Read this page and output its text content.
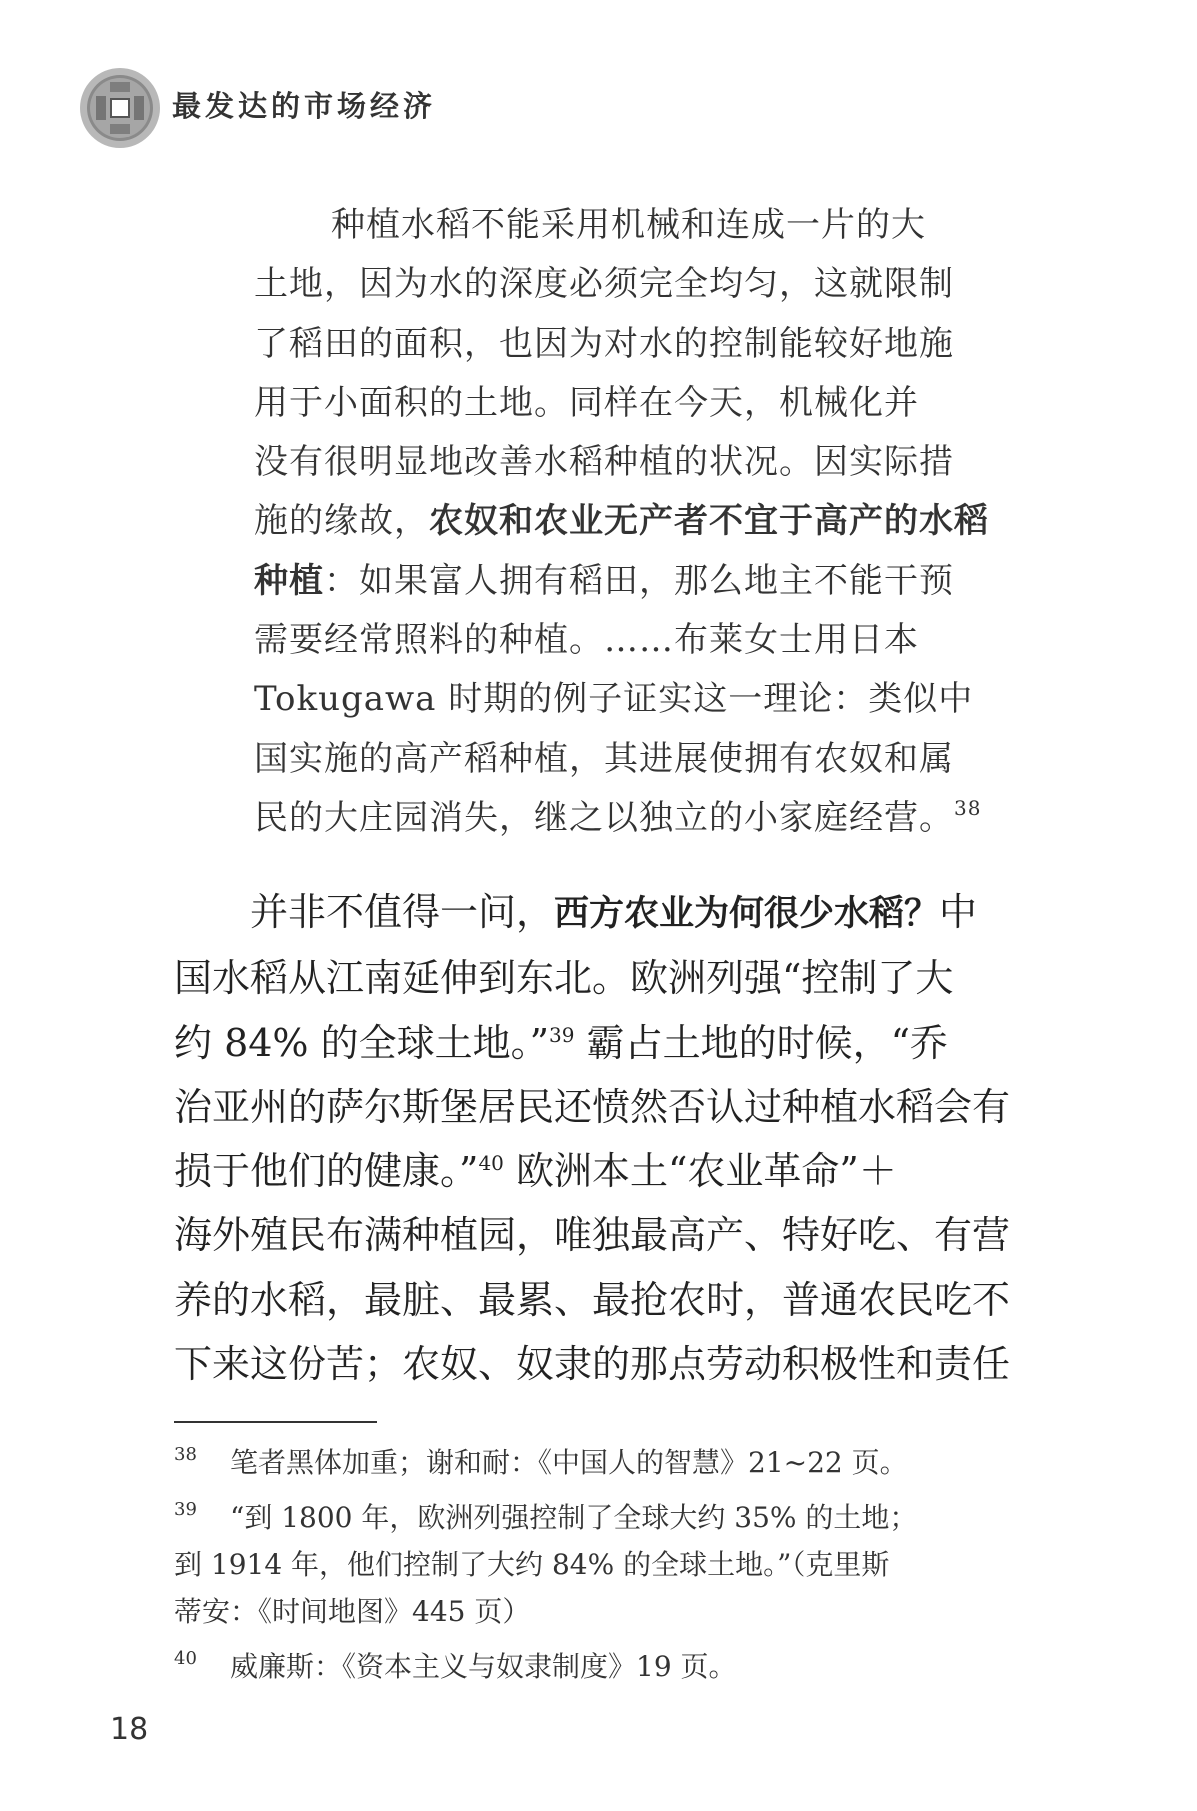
最发达的市场经济
种植水稻不能采用机械和连成一片的大
土地，因为水的深度必须完全均匀，这就限制
了稻田的面积，也因为对水的控制能较好地施
用于小面积的土地。同样在今天，机械化并
没有很明显地改善水稻种植的状况。因实际措
施的缘故，农奴和农业无产者不宜于高产的水稻
种植：如果富人拥有稻田，那么地主不能干预
需要经常照料的种植。……布莱女士用日本
Tokugawa 时期的例子证实这一理论：类似中
国实施的高产稻种植，其进展使拥有农奴和属
民的大庄园消失，继之以独立的小家庭经营。$^{38}$
并非不值得一问，西方农业为何很少水稻？中
国水稻从江南延伸到东北。欧洲列强“控制了大
约 84% 的全球土地。”$^{39}$ 霸占土地的时候，“乔
治亚州的萨尔斯堡居民还愤然否认过种植水稻会有
损于他们的健康。”$^{40}$ 欧洲本土“农业革命”＋
海外殖民布满种植园，唯独最高产、特好吃、有营
养的水稻，最脏、最累、最抢农时，普通农民吃不
下来这份苦；农奴、奴隶的那点劳动积极性和责任
38 笔者黑体加重；谢和耐：《中国人的智慧》21~22 页。
39 “到 1800 年，欧洲列强控制了全球大约 35% 的土地；
到 1914 年，他们控制了大约 84% 的全球土地。”（克里斯
蒂安：《时间地图》445 页）
40 威廉斯：《资本主义与奴隶制度》19 页。
18
